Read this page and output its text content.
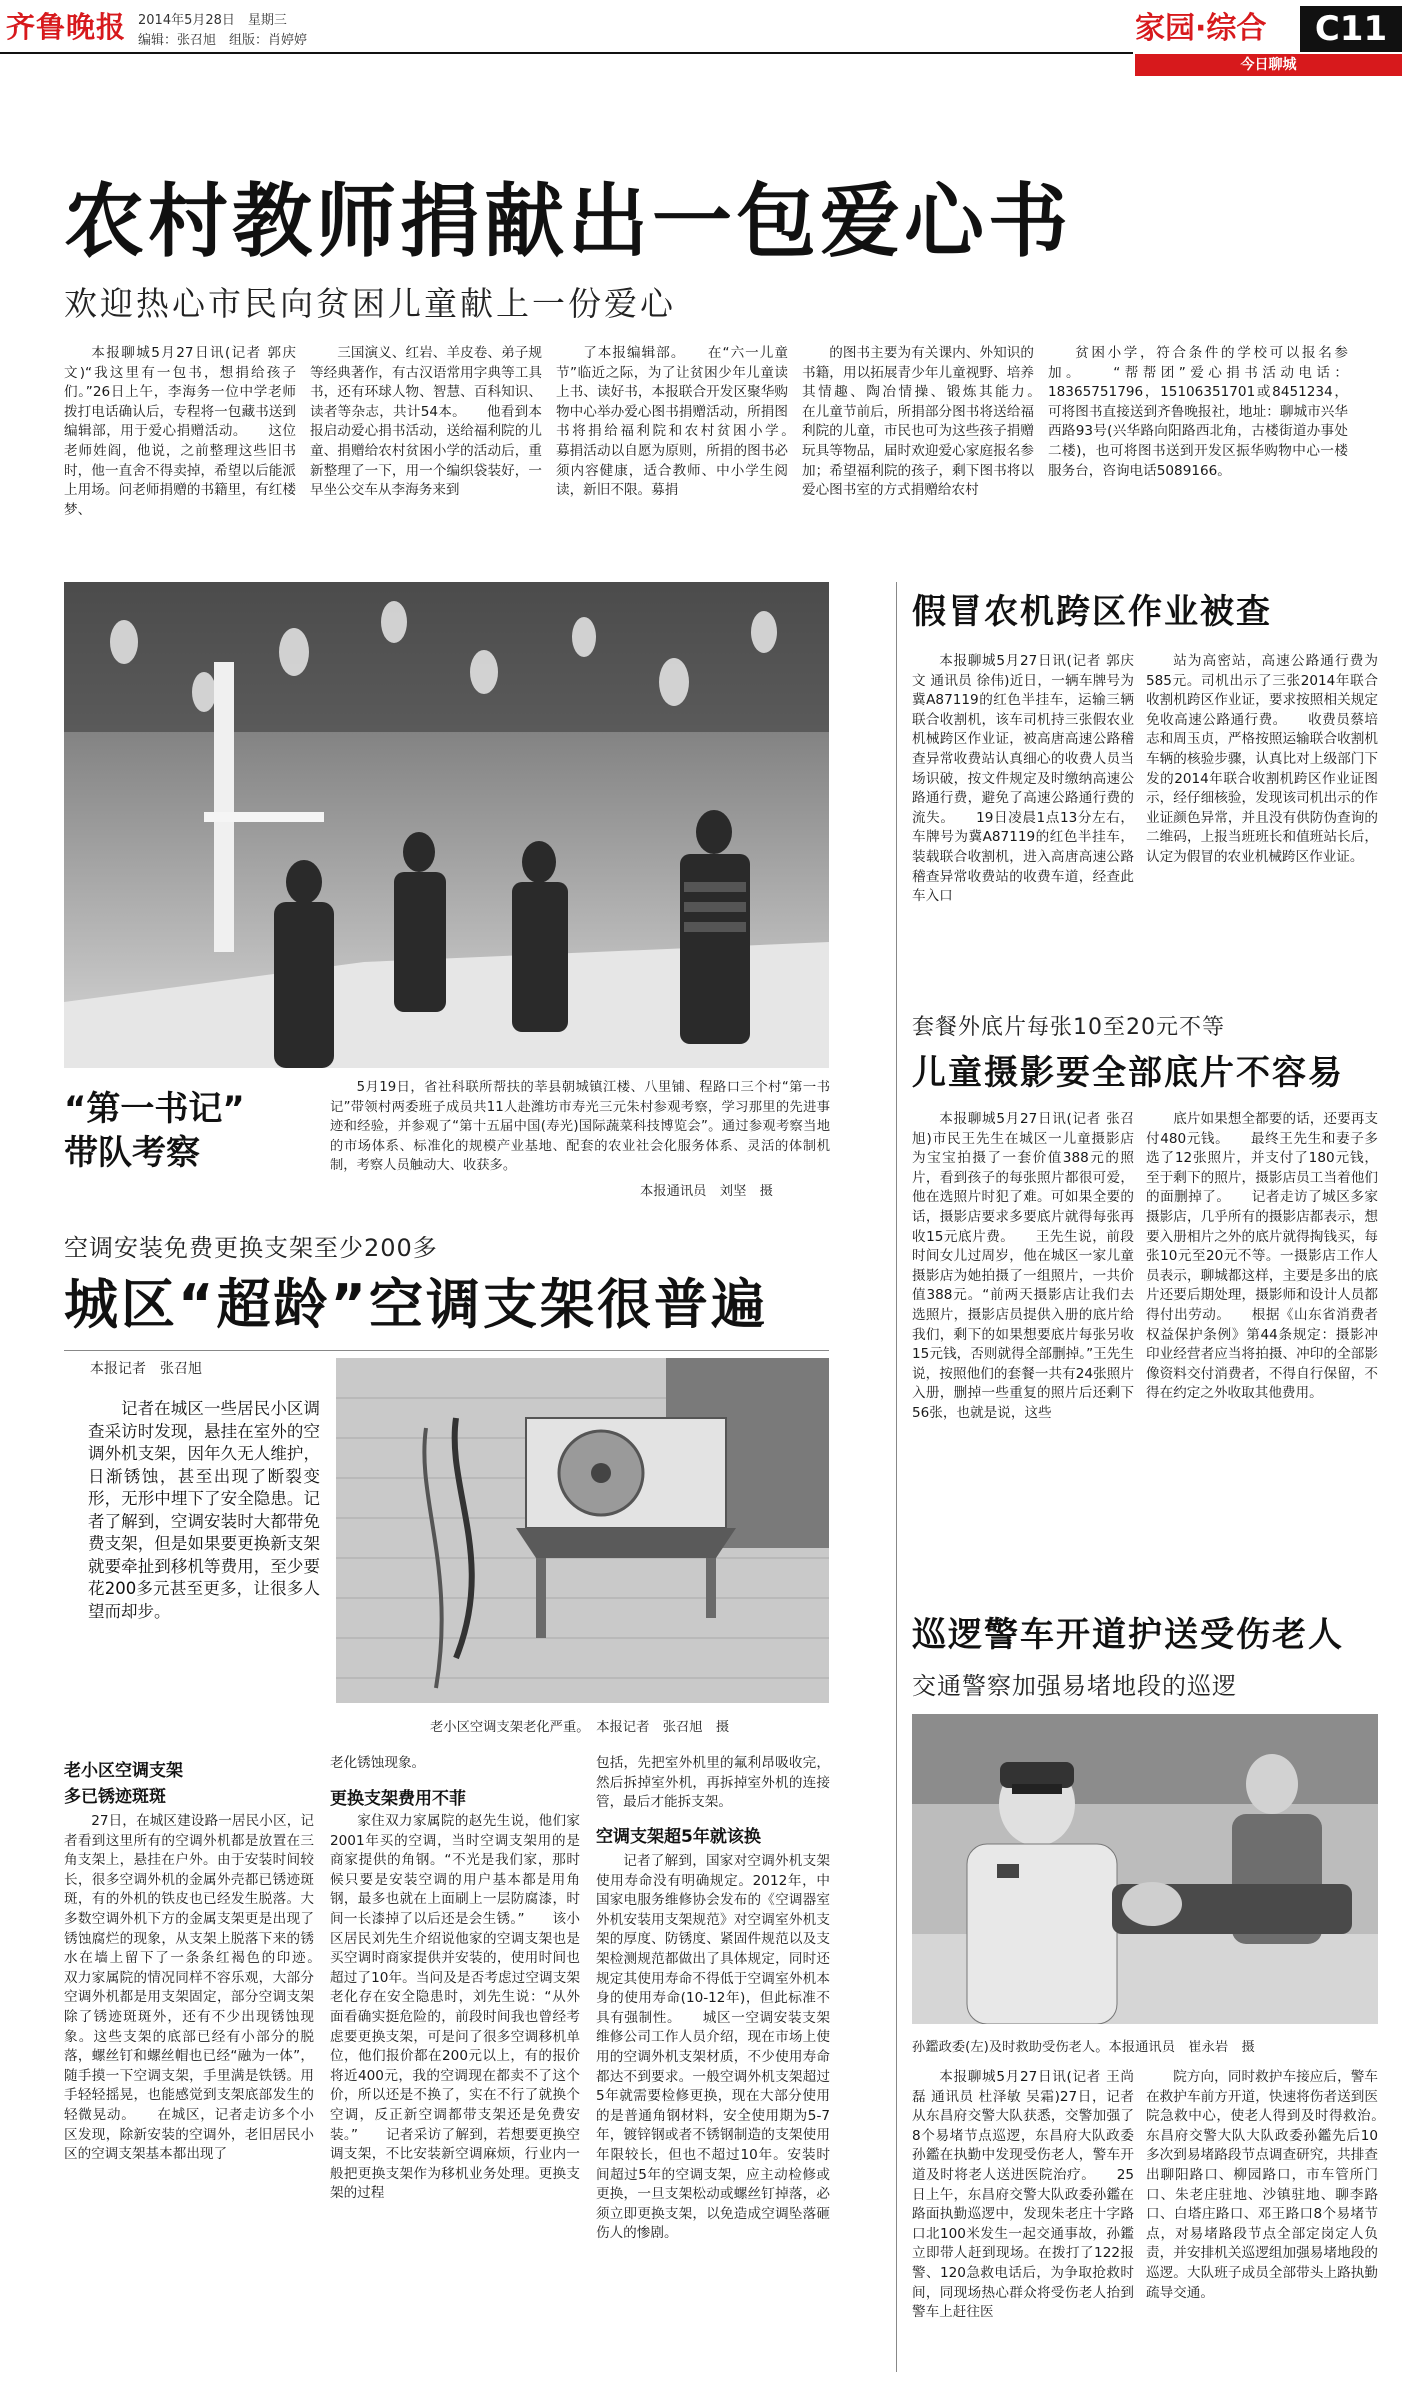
齐鲁晚报 2014年5月28日　星期三
编辑：张召旭　组版：肖婷婷	家园·综合	C11
今日聊城
农村教师捐献出一包爱心书
欢迎热心市民向贫困儿童献上一份爱心
本报聊城5月27日讯(记者 郭庆文)“我这里有一包书，想捐给孩子们。”26日上午，李海务一位中学老师拨打电话确认后，专程将一包藏书送到编辑部，用于爱心捐赠活动。　　这位老师姓阎，他说，之前整理这些旧书时，他一直舍不得卖掉，希望以后能派上用场。问老师捐赠的书籍里，有红楼梦、
三国演义、红岩、羊皮卷、弟子规等经典著作，有古汉语常用字典等工具书，还有环球人物、智慧、百科知识、读者等杂志，共计54本。　　他看到本报启动爱心捐书活动，送给福利院的儿童、捐赠给农村贫困小学的活动后，重新整理了一下，用一个编织袋装好，一早坐公交车从李海务来到
了本报编辑部。　　在“六一儿童节”临近之际，为了让贫困少年儿童读上书、读好书，本报联合开发区聚华购物中心举办爱心图书捐赠活动，所捐图书将捐给福利院和农村贫困小学。　　募捐活动以自愿为原则，所捐的图书必须内容健康，适合教师、中小学生阅读，新旧不限。募捐
的图书主要为有关课内、外知识的书籍，用以拓展青少年儿童视野、培养其情趣、陶冶情操、锻炼其能力。　　在儿童节前后，所捐部分图书将送给福利院的儿童，市民也可为这些孩子捐赠玩具等物品，届时欢迎爱心家庭报名参加；希望福利院的孩子，剩下图书将以爱心图书室的方式捐赠给农村
贫困小学，符合条件的学校可以报名参加。　　“帮帮团”爱心捐书活动电话：18365751796，15106351701或8451234，可将图书直接送到齐鲁晚报社，地址：聊城市兴华西路93号(兴华路向阳路西北角，古楼街道办事处二楼)，也可将图书送到开发区振华购物中心一楼服务台，咨询电话5089166。
“第一书记”
带队考察
5月19日，省社科联所帮扶的莘县朝城镇江楼、八里铺、程路口三个村“第一书记”带领村两委班子成员共11人赴潍坊市寿光三元朱村参观考察，学习那里的先进事迹和经验，并参观了“第十五届中国(寿光)国际蔬菜科技博览会”。通过参观考察当地的市场体系、标准化的规模产业基地、配套的农业社会化服务体系、灵活的体制机制，考察人员触动大、收获多。
本报通讯员　刘坚　摄
空调安装免费更换支架至少200多
城区“超龄”空调支架很普遍
本报记者　张召旭
记者在城区一些居民小区调查采访时发现，悬挂在室外的空调外机支架，因年久无人维护，日渐锈蚀，甚至出现了断裂变形，无形中埋下了安全隐患。记者了解到，空调安装时大都带免费支架，但是如果要更换新支架就要牵扯到移机等费用，至少要花200多元甚至更多，让很多人望而却步。
老小区空调支架老化严重。　本报记者　张召旭　摄
老小区空调支架
多已锈迹斑斑
27日，在城区建设路一居民小区，记者看到这里所有的空调外机都是放置在三角支架上，悬挂在户外。由于安装时间较长，很多空调外机的金属外壳都已锈迹斑斑，有的外机的铁皮也已经发生脱落。大多数空调外机下方的金属支架更是出现了锈蚀腐烂的现象，从支架上脱落下来的锈水在墙上留下了一条条红褐色的印迹。　　双力家属院的情况同样不容乐观，大部分空调外机都是用支架固定，部分空调支架除了锈迹斑斑外，还有不少出现锈蚀现象。这些支架的底部已经有小部分的脱落，螺丝钉和螺丝帽也已经“融为一体”，随手摸一下空调支架，手里满是铁锈。用手轻轻摇晃，也能感觉到支架底部发生的轻微晃动。　　在城区，记者走访多个小区发现，除新安装的空调外，老旧居民小区的空调支架基本都出现了
老化锈蚀现象。
更换支架费用不菲
家住双力家属院的赵先生说，他们家2001年买的空调，当时空调支架用的是商家提供的角钢。“不光是我们家，那时候只要是安装空调的用户基本都是用角钢，最多也就在上面刷上一层防腐漆，时间一长漆掉了以后还是会生锈。”　　该小区居民刘先生介绍说他家的空调支架也是买空调时商家提供并安装的，使用时间也超过了10年。当问及是否考虑过空调支架老化存在安全隐患时，刘先生说：“从外面看确实挺危险的，前段时间我也曾经考虑要更换支架，可是问了很多空调移机单位，他们报价都在200元以上，有的报价将近400元，我的空调现在都卖不了这个价，所以还是不换了，实在不行了就换个空调，反正新空调都带支架还是免费安装。”　　记者采访了解到，若想要更换空调支架，不比安装新空调麻烦，行业内一般把更换支架作为移机业务处理。更换支架的过程
包括，先把室外机里的氟利昂吸收完，然后拆掉室外机，再拆掉室外机的连接管，最后才能拆支架。
空调支架超5年就该换
记者了解到，国家对空调外机支架使用寿命没有明确规定。2012年，中国家电服务维修协会发布的《空调器室外机安装用支架规范》对空调室外机支架的厚度、防锈度、紧固件规范以及支架检测规范都做出了具体规定，同时还规定其使用寿命不得低于空调室外机本身的使用寿命(10-12年)，但此标准不具有强制性。　　城区一空调安装支架维修公司工作人员介绍，现在市场上使用的空调外机支架材质，不少使用寿命都达不到要求。一般空调外机支架超过5年就需要检修更换，现在大部分使用的是普通角钢材料，安全使用期为5-7年，镀锌钢或者不锈钢制造的支架使用年限较长，但也不超过10年。安装时间超过5年的空调支架，应主动检修或更换，一旦支架松动或螺丝钉掉落，必须立即更换支架，以免造成空调坠落砸伤人的惨剧。
假冒农机跨区作业被查
本报聊城5月27日讯(记者 郭庆文 通讯员 徐伟)近日，一辆车牌号为冀A87119的红色半挂车，运输三辆联合收割机，该车司机持三张假农业机械跨区作业证，被高唐高速公路稽查异常收费站认真细心的收费人员当场识破，按文件规定及时缴纳高速公路通行费，避免了高速公路通行费的流失。　　19日凌晨1点13分左右，车牌号为冀A87119的红色半挂车，装载联合收割机，进入高唐高速公路稽查异常收费站的收费车道，经查此车入口
站为高密站，高速公路通行费为585元。司机出示了三张2014年联合收割机跨区作业证，要求按照相关规定免收高速公路通行费。　　收费员蔡培志和周玉贞，严格按照运输联合收割机车辆的核验步骤，认真比对上级部门下发的2014年联合收割机跨区作业证图示，经仔细核验，发现该司机出示的作业证颜色异常，并且没有供防伪查询的二维码，上报当班班长和值班站长后，认定为假冒的农业机械跨区作业证。
套餐外底片每张10至20元不等
儿童摄影要全部底片不容易
本报聊城5月27日讯(记者 张召旭)市民王先生在城区一儿童摄影店为宝宝拍摄了一套价值388元的照片，看到孩子的每张照片都很可爱，他在选照片时犯了难。可如果全要的话，摄影店要求多要底片就得每张再收15元底片费。　　王先生说，前段时间女儿过周岁，他在城区一家儿童摄影店为她拍摄了一组照片，一共价值388元。“前两天摄影店让我们去选照片，摄影店员提供入册的底片给我们，剩下的如果想要底片每张另收15元钱，否则就得全部删掉。”王先生说，按照他们的套餐一共有24张照片入册，删掉一些重复的照片后还剩下56张，也就是说，这些
底片如果想全都要的话，还要再支付480元钱。　　最终王先生和妻子多选了12张照片，并支付了180元钱，至于剩下的照片，摄影店员工当着他们的面删掉了。　　记者走访了城区多家摄影店，几乎所有的摄影店都表示，想要入册相片之外的底片就得掏钱买，每张10元至20元不等。一摄影店工作人员表示，聊城都这样，主要是多出的底片还要后期处理，摄影师和设计人员都得付出劳动。　　根据《山东省消费者权益保护条例》第44条规定：摄影冲印业经营者应当将拍摄、冲印的全部影像资料交付消费者，不得自行保留，不得在约定之外收取其他费用。
巡逻警车开道护送受伤老人
交通警察加强易堵地段的巡逻
孙鑑政委(左)及时救助受伤老人。本报通讯员　崔永岩　摄
本报聊城5月27日讯(记者 王尚磊 通讯员 杜泽敏 吴霜)27日，记者从东昌府交警大队获悉，交警加强了8个易堵节点巡逻，东昌府大队政委孙鑑在执勤中发现受伤老人，警车开道及时将老人送进医院治疗。　　25日上午，东昌府交警大队政委孙鑑在路面执勤巡逻中，发现朱老庄十字路口北100米发生一起交通事故，孙鑑立即带人赶到现场。在拨打了122报警、120急救电话后，为争取抢救时间，同现场热心群众将受伤老人抬到警车上赶往医
院方向，同时救护车接应后，警车在救护车前方开道，快速将伤者送到医院急救中心，使老人得到及时得救治。　　东昌府交警大队大队政委孙鑑先后10多次到易堵路段节点调查研究，共排查出聊阳路口、柳园路口，市车管所门口、朱老庄驻地、沙镇驻地、聊李路口、白塔庄路口、邓王路口8个易堵节点，对易堵路段节点全部定岗定人负责，并安排机关巡逻组加强易堵地段的巡逻。大队班子成员全部带头上路执勤疏导交通。
